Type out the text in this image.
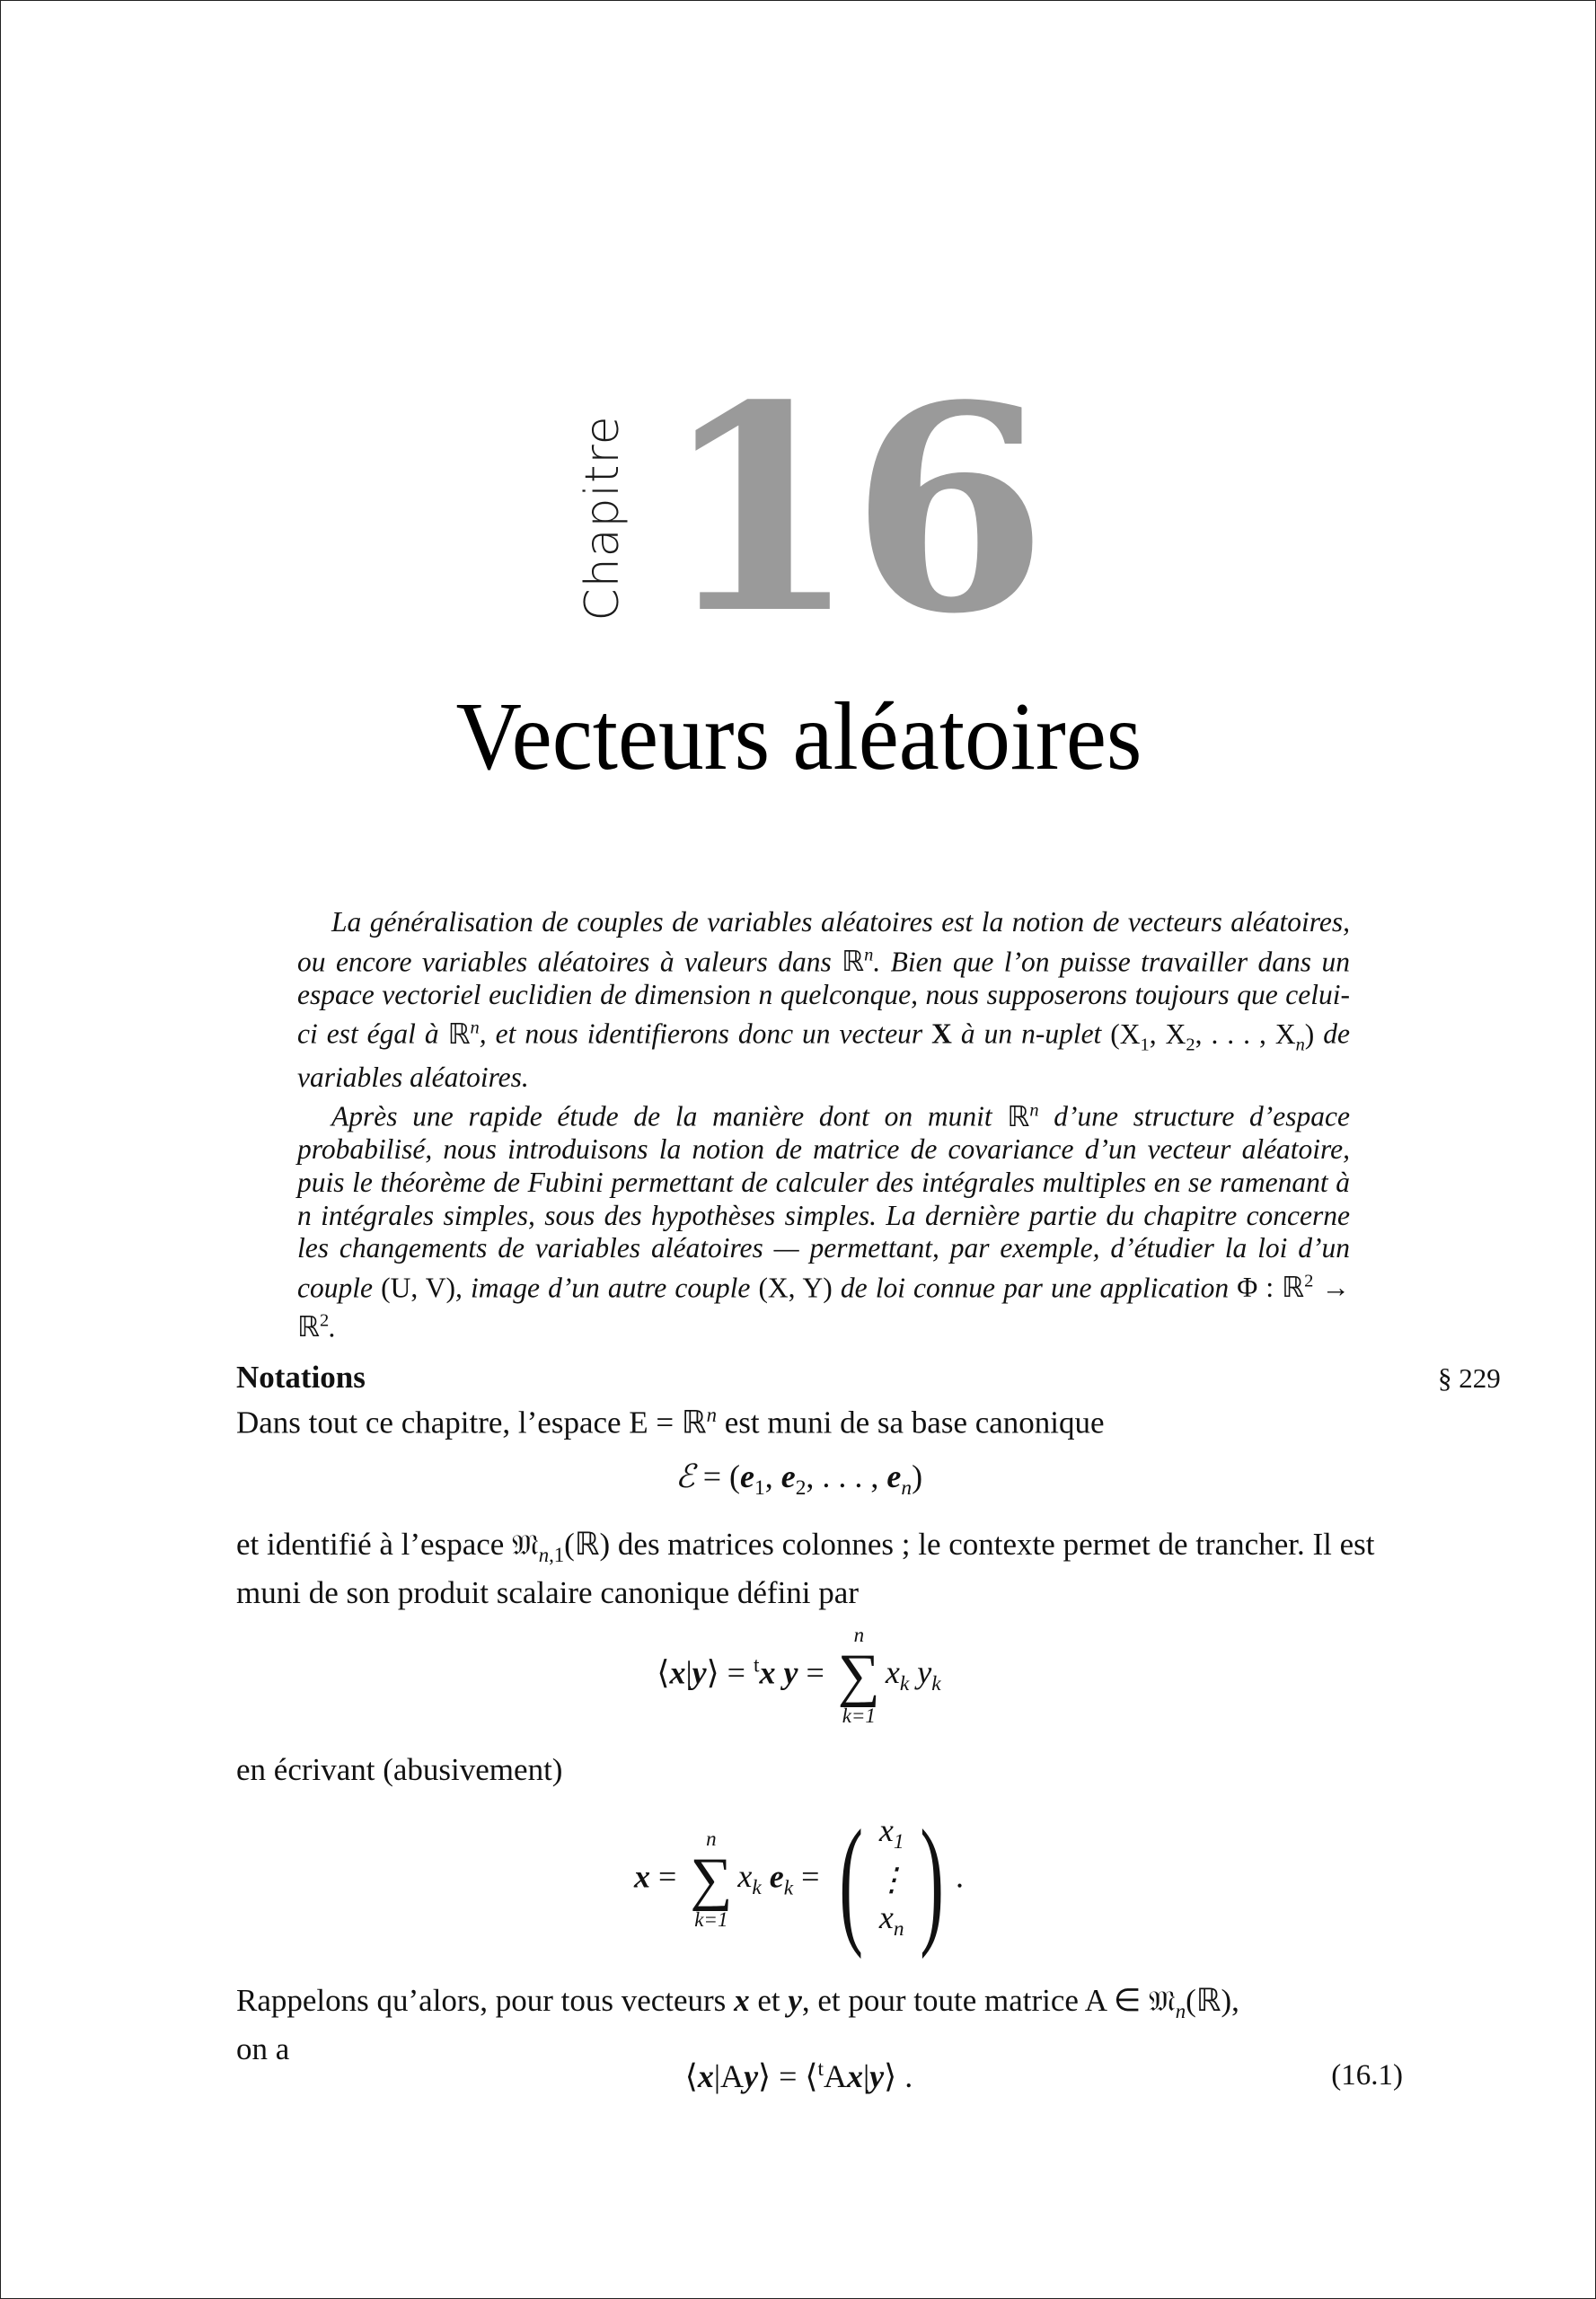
Chapitre 16
Vecteurs aléatoires

La généralisation de couples de variables aléatoires est la notion de vecteurs aléatoires, ou encore variables aléatoires à valeurs dans ℝ$^n$. Bien que l’on puisse travailler dans un espace vectoriel euclidien de dimension n quelconque, nous supposerons toujours que celui-ci est égal à ℝ$^n$, et nous identifierons donc un vecteur X à un n-uplet ($X_1$, $X_2$, . . . , $X_n$) de variables aléatoires.

Après une rapide étude de la manière dont on munit ℝ$^n$ d’une structure d’espace probabilisé, nous introduisons la notion de matrice de covariance d’un vecteur aléatoire, puis le théorème de Fubini permettant de calculer des intégrales multiples en se ramenant à n intégrales simples, sous des hypothèses simples. La dernière partie du chapitre concerne les changements de variables aléatoires — permettant, par exemple, d’étudier la loi d’un couple (U, V), image d’un autre couple (X, Y) de loi connue par une application Φ : ℝ$^2$ → ℝ$^2$.

Notations
Dans tout ce chapitre, l’espace E = ℝ$^n$ est muni de sa base canonique
§ 229
ℰ = ($e_1$, $e_2$, . . . , $e_n$)
et identifié à l’espace 𝔐$_{n,1}$(ℝ) des matrices colonnes ; le contexte permet de trancher. Il est muni de son produit scalaire canonique défini par
⟨x|y⟩ = $^t$x y =
n
∑
k=1
$x_k$ $y_k$
en écrivant (abusivement)
x =
n
∑
k=1
$x_k$ $e_k$ = ( $x_1$
⋮
$x_n$ ) .
Rappelons qu’alors, pour tous vecteurs x et y, et pour toute matrice A ∈ 𝔐$_n$(ℝ),
on a
⟨x|Ay⟩ = ⟨$^t$Ax|y⟩ .	(16.1)
